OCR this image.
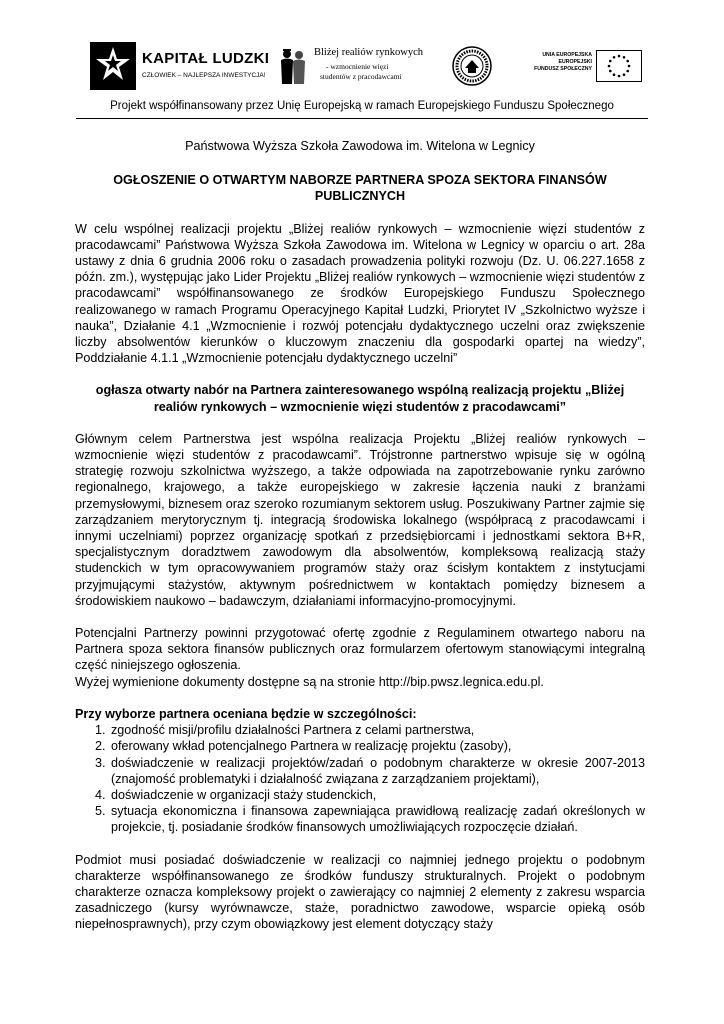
KAPITAŁ LUDZKI
CZŁOWIEK – NAJLEPSZA INWESTYCJA!
Bliżej realiów rynkowych
- wzmocnienie więzi
studentów z pracodawcami
UNIA EUROPEJSKA
EUROPEJSKI
FUNDUSZ SPOŁECZNY
Projekt współfinansowany przez Unię Europejską w ramach Europejskiego Funduszu Społecznego
Państwowa Wyższa Szkoła Zawodowa im. Witelona w Legnicy
OGŁOSZENIE O OTWARTYM NABORZE PARTNERA SPOZA SEKTORA FINANSÓW PUBLICZNYCH

W celu wspólnej realizacji projektu „Bliżej realiów rynkowych – wzmocnienie więzi studentów z pracodawcami” Państwowa Wyższa Szkoła Zawodowa im. Witelona w Legnicy w oparciu o art. 28a ustawy z dnia 6 grudnia 2006 roku o zasadach prowadzenia polityki rozwoju (Dz. U. 06.227.1658 z późn. zm.), występując jako Lider Projektu „Bliżej realiów rynkowych – wzmocnienie więzi studentów z pracodawcami” współfinansowanego ze środków Europejskiego Funduszu Społecznego realizowanego w ramach Programu Operacyjnego Kapitał Ludzki, Priorytet IV „Szkolnictwo wyższe i nauka”, Działanie 4.1 „Wzmocnienie i rozwój potencjału dydaktycznego uczelni oraz zwiększenie liczby absolwentów kierunków o kluczowym znaczeniu dla gospodarki opartej na wiedzy”, Poddziałanie 4.1.1 „Wzmocnienie potencjału dydaktycznego uczelni”

ogłasza otwarty nabór na Partnera zainteresowanego wspólną realizacją projektu „Bliżej realiów rynkowych – wzmocnienie więzi studentów z pracodawcami”

Głównym celem Partnerstwa jest wspólna realizacja Projektu „Bliżej realiów rynkowych – wzmocnienie więzi studentów z pracodawcami”. Trójstronne partnerstwo wpisuje się w ogólną strategię rozwoju szkolnictwa wyższego, a także odpowiada na zapotrzebowanie rynku zarówno regionalnego, krajowego, a także europejskiego w zakresie łączenia nauki z branżami przemysłowymi, biznesem oraz szeroko rozumianym sektorem usług. Poszukiwany Partner zajmie się zarządzaniem merytorycznym tj. integracją środowiska lokalnego (współpracą z pracodawcami i innymi uczelniami) poprzez organizację spotkań z przedsiębiorcami i jednostkami sektora B+R, specjalistycznym doradztwem zawodowym dla absolwentów, kompleksową realizacją staży studenckich w tym opracowywaniem programów staży oraz ścisłym kontaktem z instytucjami przyjmującymi stażystów, aktywnym pośrednictwem w kontaktach pomiędzy biznesem a środowiskiem naukowo – badawczym, działaniami informacyjno-promocyjnymi.

Potencjalni Partnerzy powinni przygotować ofertę zgodnie z Regulaminem otwartego naboru na Partnera spoza sektora finansów publicznych oraz formularzem ofertowym stanowiącymi integralną część niniejszego ogłoszenia.

Wyżej wymienione dokumenty dostępne są na stronie http://bip.pwsz.legnica.edu.pl.

Przy wyborze partnera oceniana będzie w szczególności:

1. zgodność misji/profilu działalności Partnera z celami partnerstwa,
2. oferowany wkład potencjalnego Partnera w realizację projektu (zasoby),
3. doświadczenie w realizacji projektów/zadań o podobnym charakterze w okresie 2007-2013 (znajomość problematyki i działalność związana z zarządzaniem projektami),
4. doświadczenie w organizacji staży studenckich,
5. sytuacja ekonomiczna i finansowa zapewniająca prawidłową realizację zadań określonych w projekcie, tj. posiadanie środków finansowych umożliwiających rozpoczęcie działań.

Podmiot musi posiadać doświadczenie w realizacji co najmniej jednego projektu o podobnym charakterze współfinansowanego ze środków funduszy strukturalnych. Projekt o podobnym charakterze oznacza kompleksowy projekt o zawierający co najmniej 2 elementy z zakresu wsparcia zasadniczego (kursy wyrównawcze, staże, poradnictwo zawodowe, wsparcie opieką osób niepełnosprawnych), przy czym obowiązkowy jest element dotyczący staży
